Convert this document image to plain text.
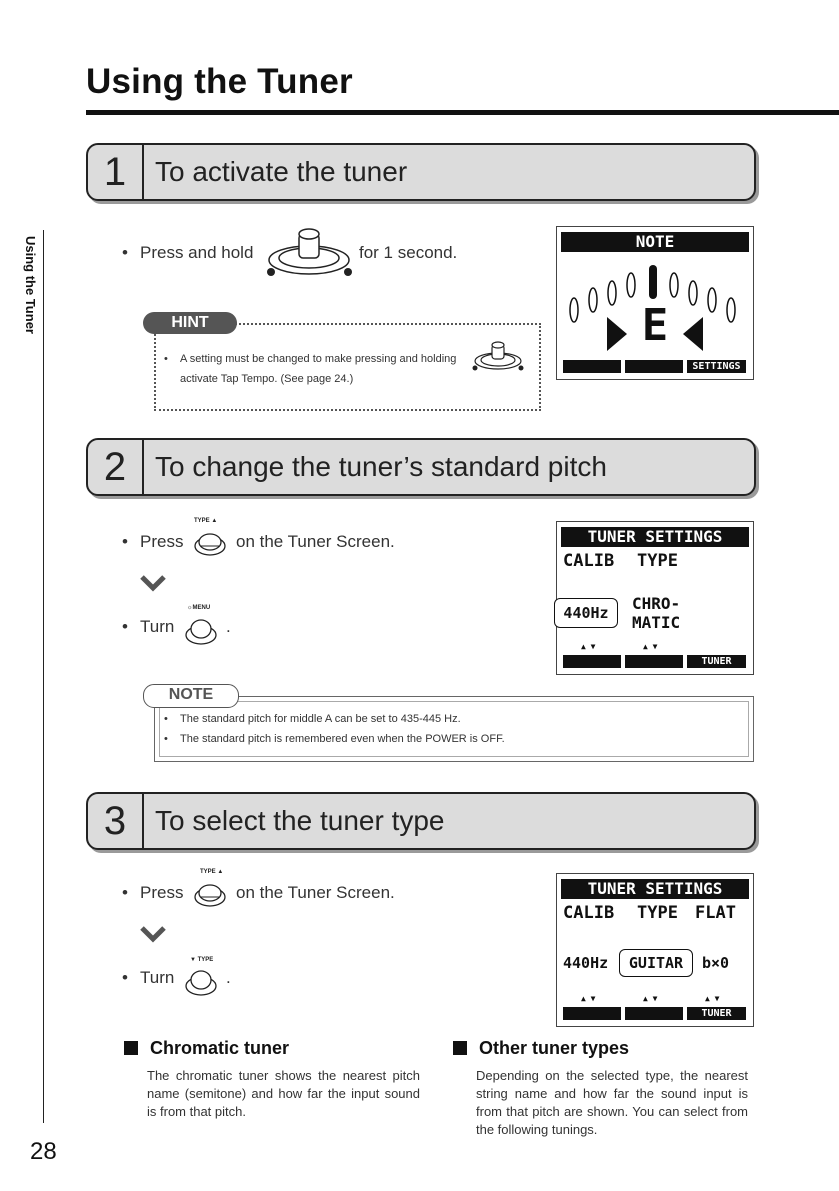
Using the Tuner
Using the Tuner
28
1	To activate the tuner
• Press and hold	for 1 second.
HINT
• A setting must be changed to make pressing and holding
activate Tap Tempo. (See page 24.)
NOTE
E
SETTINGS
2	To change the tuner’s standard pitch
• Press
TYPE ▲
on the Tuner Screen.
• Turn
☼MENU
.
TUNER SETTINGS
CALIB TYPE
440Hz	CHRO-
MATIC
▲ ▼	▲ ▼
TUNER
NOTE
• The standard pitch for middle A can be set to 435-445 Hz.
• The standard pitch is remembered even when the POWER is OFF.
3	To select the tuner type
• Press
TYPE ▲
on the Tuner Screen.
• Turn
▼ TYPE
.
TUNER SETTINGS
CALIB TYPE FLAT
440Hz	GUITAR	b×0
▲ ▼	▲ ▼	▲ ▼
TUNER
Chromatic tuner
The chromatic tuner shows the nearest pitch name (semitone) and how far the input sound is from that pitch.
Other tuner types
Depending on the selected type, the nearest string name and how far the sound input is from that pitch are shown. You can select from the following tunings.
